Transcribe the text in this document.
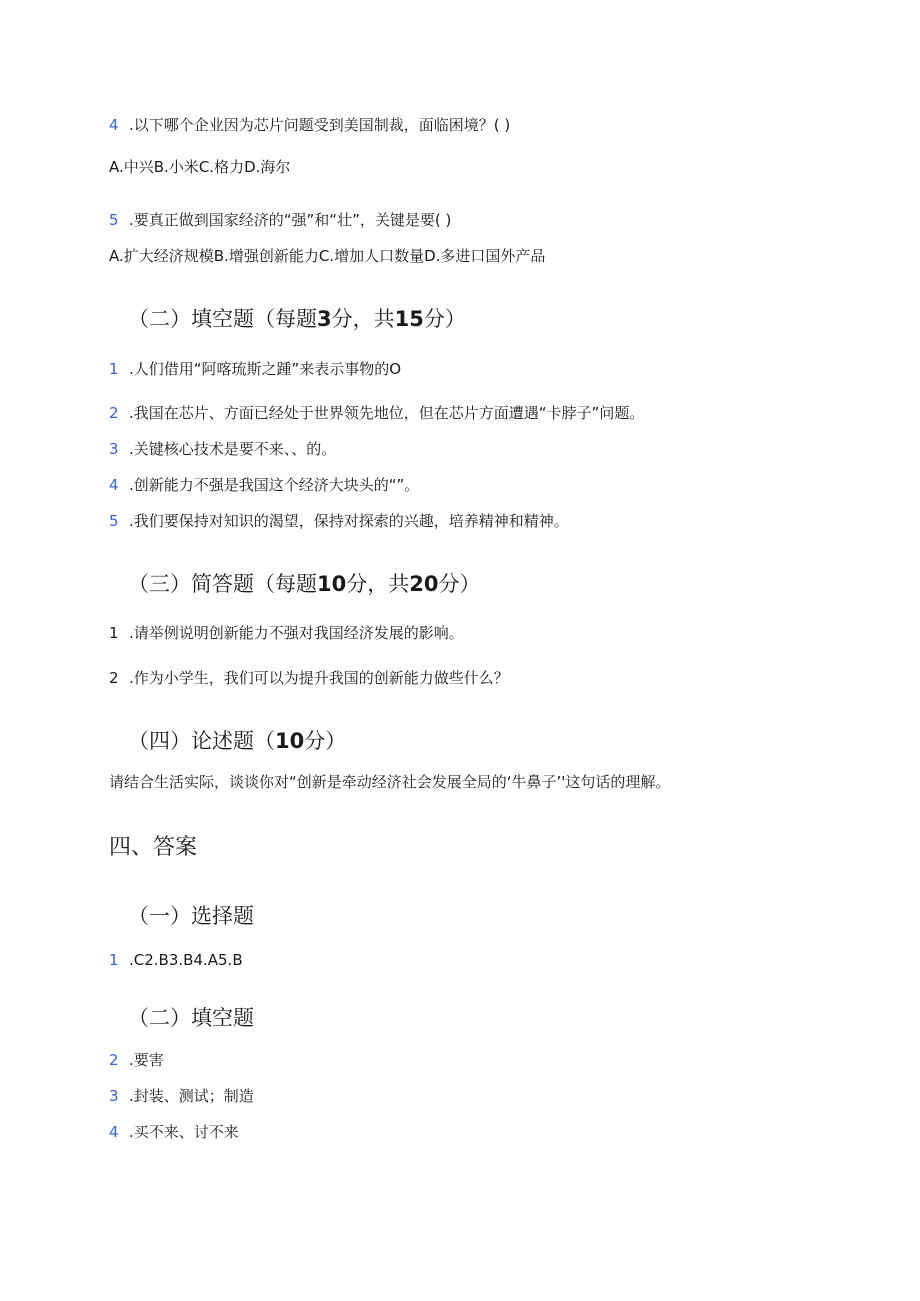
4 .以下哪个企业因为芯片问题受到美国制裁，面临困境？( )
A.中兴B.小米C.格力D.海尔
5 .要真正做到国家经济的“强”和“壮”，关键是要( )
A.扩大经济规模B.增强创新能力C.增加人口数量D.多进口国外产品
（二）填空题（每题3分，共15分）
1 .人们借用“阿喀琉斯之踵”来表示事物的O
2 .我国在芯片、方面已经处于世界领先地位，但在芯片方面遭遇“卡脖子”问题。
3 .关键核心技术是要不来、、的。
4 .创新能力不强是我国这个经济大块头的“”。
5 .我们要保持对知识的渴望，保持对探索的兴趣，培养精神和精神。
（三）简答题（每题10分，共20分）
1 .请举例说明创新能力不强对我国经济发展的影响。
2 .作为小学生，我们可以为提升我国的创新能力做些什么？
（四）论述题（10分）
请结合生活实际，谈谈你对“创新是牵动经济社会发展全局的‘牛鼻子’'这句话的理解。
四、答案
（一）选择题
1 .C2.B3.B4.A5.B
（二）填空题
2 .要害
3 .封装、测试；制造
4 .买不来、讨不来
